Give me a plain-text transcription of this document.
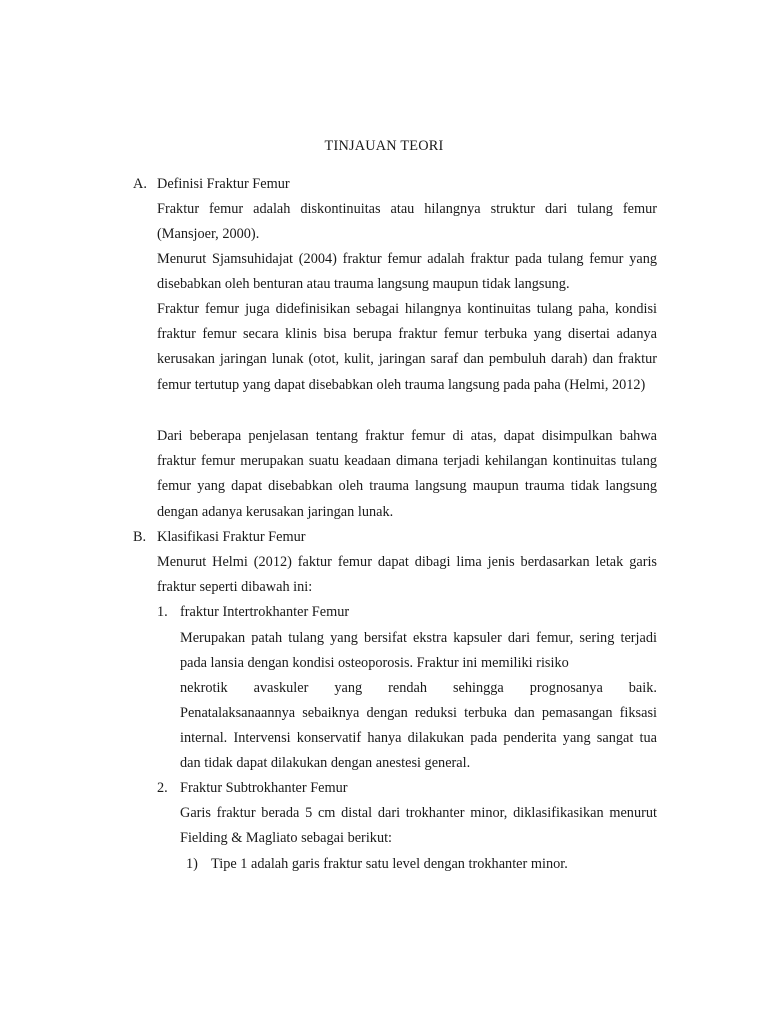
TINJAUAN TEORI
A. Definisi Fraktur Femur
Fraktur femur adalah diskontinuitas atau hilangnya struktur dari tulang femur (Mansjoer, 2000).
Menurut Sjamsuhidajat (2004) fraktur femur adalah fraktur pada tulang femur yang disebabkan oleh benturan atau trauma langsung maupun tidak langsung.
Fraktur femur juga didefinisikan sebagai hilangnya kontinuitas tulang paha, kondisi fraktur femur secara klinis bisa berupa fraktur femur terbuka yang disertai adanya kerusakan jaringan lunak (otot, kulit, jaringan saraf dan pembuluh darah) dan fraktur femur tertutup yang dapat disebabkan oleh trauma langsung pada paha (Helmi, 2012)
Dari beberapa penjelasan tentang fraktur femur di atas, dapat disimpulkan bahwa fraktur femur merupakan suatu keadaan dimana terjadi kehilangan kontinuitas tulang femur yang dapat disebabkan oleh trauma langsung maupun trauma tidak langsung dengan adanya kerusakan jaringan lunak.
B. Klasifikasi Fraktur Femur
Menurut Helmi (2012) faktur femur dapat dibagi lima jenis berdasarkan letak garis fraktur seperti dibawah ini:
1. fraktur Intertrokhanter Femur
Merupakan patah tulang yang bersifat ekstra kapsuler dari femur, sering terjadi pada lansia dengan kondisi osteoporosis. Fraktur ini memiliki risiko
nekrotik avaskuler yang rendah sehingga prognosanya baik.
Penatalaksanaannya sebaiknya dengan reduksi terbuka dan pemasangan fiksasi internal. Intervensi konservatif hanya dilakukan pada penderita yang sangat tua dan tidak dapat dilakukan dengan anestesi general.
2. Fraktur Subtrokhanter Femur
Garis fraktur berada 5 cm distal dari trokhanter minor, diklasifikasikan menurut Fielding & Magliato sebagai berikut:
1) Tipe 1 adalah garis fraktur satu level dengan trokhanter minor.
